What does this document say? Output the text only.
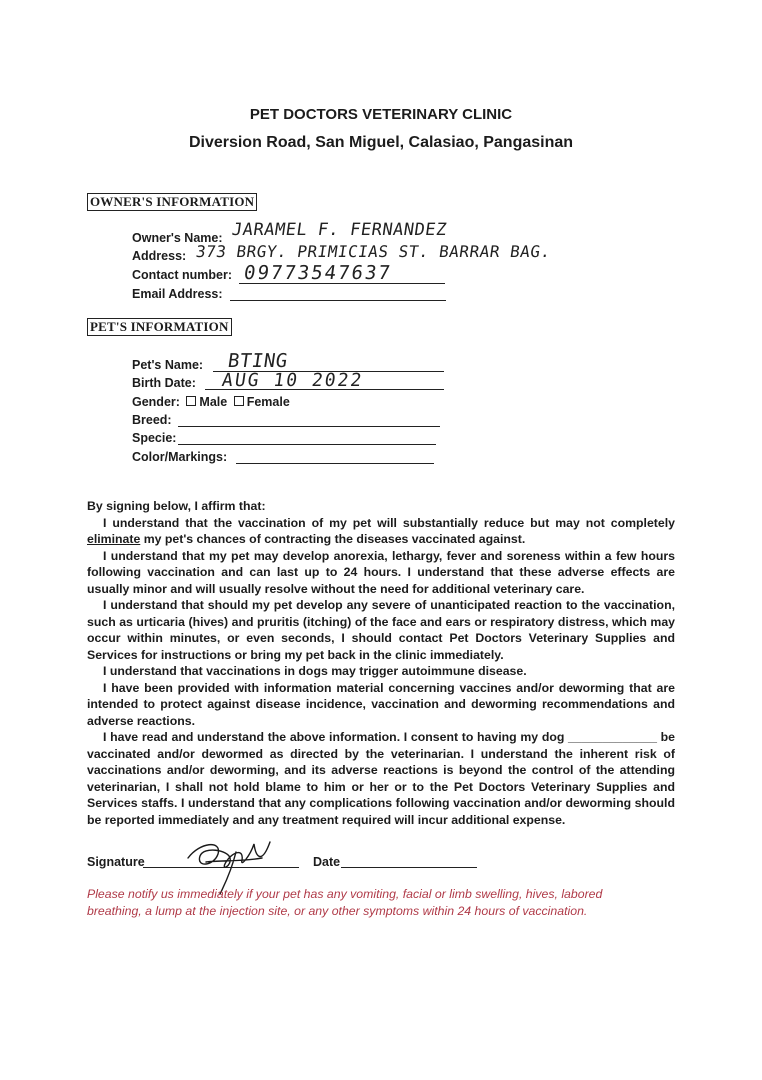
PET DOCTORS VETERINARY CLINIC
Diversion Road, San Miguel, Calasiao, Pangasinan
OWNER'S INFORMATION
Owner's Name: JARAMEL F. FERNANDEZ
Address: 373 BRGY. PRIMICIAS ST. BARRAR BAG.
Contact number: 09773547637
Email Address:
PET'S INFORMATION
Pet's Name: BTING
Birth Date: AUG 10 2022
Gender: Male Female
Breed:
Specie:
Color/Markings:

By signing below, I affirm that:

I understand that the vaccination of my pet will substantially reduce but may not completely eliminate my pet's chances of contracting the diseases vaccinated against.

I understand that my pet may develop anorexia, lethargy, fever and soreness within a few hours following vaccination and can last up to 24 hours. I understand that these adverse effects are usually minor and will usually resolve without the need for additional veterinary care.

I understand that should my pet develop any severe of unanticipated reaction to the vaccination, such as urticaria (hives) and pruritis (itching) of the face and ears or respiratory distress, which may occur within minutes, or even seconds, I should contact Pet Doctors Veterinary Supplies and Services for instructions or bring my pet back in the clinic immediately.

I understand that vaccinations in dogs may trigger autoimmune disease.

I have been provided with information material concerning vaccines and/or deworming that are intended to protect against disease incidence, vaccination and deworming recommendations and adverse reactions.

I have read and understand the above information. I consent to having my dog _____________ be vaccinated and/or dewormed as directed by the veterinarian. I understand the inherent risk of vaccinations and/or deworming, and its adverse reactions is beyond the control of the attending veterinarian, I shall not hold blame to him or her or to the Pet Doctors Veterinary Supplies and Services staffs. I understand that any complications following vaccination and/or deworming should be reported immediately and any treatment required will incur additional expense.

Signature	Date
Please notify us immediately if your pet has any vomiting, facial or limb swelling, hives, labored breathing, a lump at the injection site, or any other symptoms within 24 hours of vaccination.
